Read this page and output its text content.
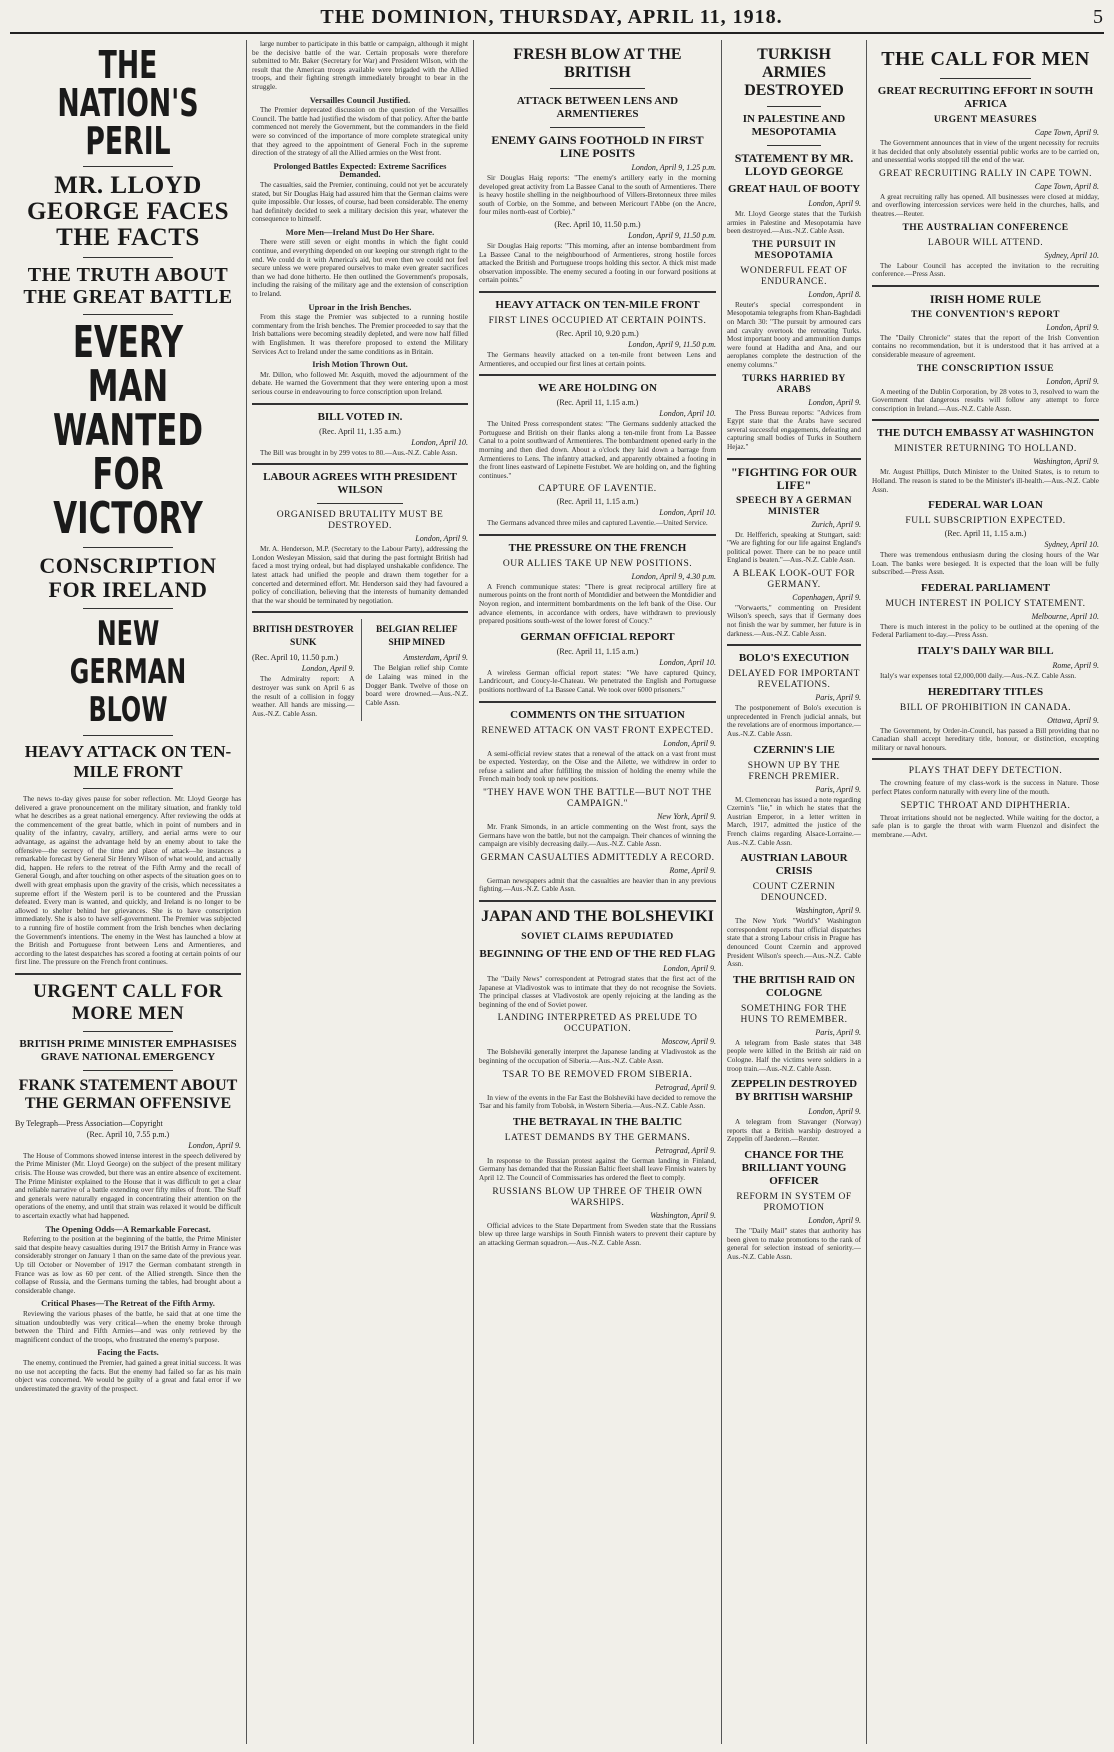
THE DOMINION, THURSDAY, APRIL 11, 1918.	5
THE NATION'S PERIL
MR. LLOYD GEORGE FACES THE FACTS
THE TRUTH ABOUT THE GREAT BATTLE
EVERY MAN WANTED FOR VICTORY
CONSCRIPTION FOR IRELAND
NEW GERMAN BLOW
HEAVY ATTACK ON TEN-MILE FRONT

The news to-day gives pause for sober reflection. Mr. Lloyd George has delivered a grave pronouncement on the military situation, and frankly told what he describes as a great national emergency. After reviewing the odds at the commencement of the great battle, which in point of numbers and in quality of the infantry, cavalry, artillery, and aerial arms were to our advantage, as against the advantage held by an enemy about to take the offensive—the secrecy of the time and place of attack—he instances a remarkable forecast by General Sir Henry Wilson of what would, and actually did, happen. He refers to the retreat of the Fifth Army and the recall of General Gough, and after touching on other aspects of the situation goes on to dwell with great emphasis upon the gravity of the crisis, which necessitates a supreme effort if the Western peril is to be countered and the Prussian defeated. Every man is wanted, and quickly, and Ireland is no longer to be allowed to shelter behind her grievances. She is to have conscription immediately. She is also to have self-government. The Premier was subjected to a running fire of hostile comment from the Irish benches when declaring the Government's intentions. The enemy in the West has launched a blow at the British and Portuguese front between Lens and Armentieres, and according to the latest despatches has scored a footing at certain points of our first line. The pressure on the French front continues.

URGENT CALL FOR MORE MEN
BRITISH PRIME MINISTER EMPHASISES GRAVE NATIONAL EMERGENCY
FRANK STATEMENT ABOUT THE GERMAN OFFENSIVE
By Telegraph—Press Association—Copyright
(Rec. April 10, 7.55 p.m.)
London, April 9.

The House of Commons showed intense interest in the speech delivered by the Prime Minister (Mr. Lloyd George) on the subject of the present military crisis. The House was crowded, but there was an entire absence of excitement. The Prime Minister explained to the House that it was difficult to get a clear and reliable narrative of a battle extending over fifty miles of front. The Staff and generals were naturally engaged in concentrating their attention on the operations of the enemy, and until that strain was relaxed it would be difficult to ascertain exactly what had happened.

The Opening Odds—A Remarkable Forecast.

Referring to the position at the beginning of the battle, the Prime Minister said that despite heavy casualties during 1917 the British Army in France was considerably stronger on January 1 than on the same date of the previous year. Up till October or November of 1917 the German combatant strength in France was as low as 60 per cent. of the Allied strength. Since then the collapse of Russia, and the Germans turning the tables, had brought about a considerable change.

Critical Phases—The Retreat of the Fifth Army.

Reviewing the various phases of the battle, he said that at one time the situation undoubtedly was very critical—when the enemy broke through between the Third and Fifth Armies—and was only retrieved by the magnificent conduct of the troops, who frustrated the enemy's purpose.

Facing the Facts.

The enemy, continued the Premier, had gained a great initial success. It was no use not accepting the facts. But the enemy had failed so far as his main object was concerned. We would be guilty of a great and fatal error if we underestimated the gravity of the prospect.

large number to participate in this battle or campaign, although it might be the decisive battle of the war. Certain proposals were therefore submitted to Mr. Baker (Secretary for War) and President Wilson, with the result that the American troops available were brigaded with the Allied troops, and their fighting strength immediately brought to bear in the struggle.

Versailles Council Justified.

The Premier deprecated discussion on the question of the Versailles Council. The battle had justified the wisdom of that policy. After the battle commenced not merely the Government, but the commanders in the field were so convinced of the importance of more complete strategical unity that they agreed to the appointment of General Foch in the supreme direction of the strategy of all the Allied armies on the West front.

Prolonged Battles Expected: Extreme Sacrifices Demanded.

The casualties, said the Premier, continuing, could not yet be accurately stated, but Sir Douglas Haig had assured him that the German claims were quite impossible. Our losses, of course, had been considerable. The enemy had definitely decided to seek a military decision this year, whatever the consequence to himself.

More Men—Ireland Must Do Her Share.

There were still seven or eight months in which the fight could continue, and everything depended on our keeping our strength right to the end. We could do it with America's aid, but even then we could not feel secure unless we were prepared ourselves to make even greater sacrifices than we had done hitherto. He then outlined the Government's proposals, including the raising of the military age and the extension of conscription to Ireland.

Uproar in the Irish Benches.

From this stage the Premier was subjected to a running hostile commentary from the Irish benches. The Premier proceeded to say that the Irish battalions were becoming steadily depleted, and were now half filled with Englishmen. It was therefore proposed to extend the Military Services Act to Ireland under the same conditions as in Britain.

Irish Motion Thrown Out.

Mr. Dillon, who followed Mr. Asquith, moved the adjournment of the debate. He warned the Government that they were entering upon a most serious course in endeavouring to force conscription upon Ireland.

BILL VOTED IN.
(Rec. April 11, 1.35 a.m.)
London, April 10.

The Bill was brought in by 299 votes to 80.—Aus.-N.Z. Cable Assn.

LABOUR AGREES WITH PRESIDENT WILSON
ORGANISED BRUTALITY MUST BE DESTROYED.
London, April 9.

Mr. A. Henderson, M.P. (Secretary to the Labour Party), addressing the London Wesleyan Mission, said that during the past fortnight British had faced a most trying ordeal, but had displayed unshakable confidence. The latest attack had unified the people and drawn them together for a concerted and determined effort. Mr. Henderson said they had favoured a policy of conciliation, believing that the interests of humanity demanded that the war should be terminated by negotiation.

BRITISH DESTROYER SUNK
(Rec. April 10, 11.50 p.m.)
London, April 9.

The Admiralty report: A destroyer was sunk on April 6 as the result of a collision in foggy weather. All hands are missing.—Aus.-N.Z. Cable Assn.

BELGIAN RELIEF SHIP MINED
Amsterdam, April 9.

The Belgian relief ship Comte de Lalaing was mined in the Dogger Bank. Twelve of those on board were drowned.—Aus.-N.Z. Cable Assn.

FRESH BLOW AT THE BRITISH
ATTACK BETWEEN LENS AND ARMENTIERES
ENEMY GAINS FOOTHOLD IN FIRST LINE POSITS
London, April 9, 1.25 p.m.

Sir Douglas Haig reports: "The enemy's artillery early in the morning developed great activity from La Bassee Canal to the south of Armentieres. There is heavy hostile shelling in the neighbourhood of Villers-Bretonneux three miles south of Corbie, on the Somme, and between Mericourt l'Abbe (on the Ancre, four miles north-east of Corbie)."

(Rec. April 10, 11.50 p.m.)
London, April 9, 11.50 p.m.

Sir Douglas Haig reports: "This morning, after an intense bombardment from La Bassee Canal to the neighbourhood of Armentieres, strong hostile forces attacked the British and Portuguese troops holding this sector. A thick mist made observation impossible. The enemy secured a footing in our forward positions at certain points."

HEAVY ATTACK ON TEN-MILE FRONT
FIRST LINES OCCUPIED AT CERTAIN POINTS.
(Rec. April 10, 9.20 p.m.)
London, April 9, 11.50 p.m.

The Germans heavily attacked on a ten-mile front between Lens and Armentieres, and occupied our first lines at certain points.

WE ARE HOLDING ON
(Rec. April 11, 1.15 a.m.)
London, April 10.

The United Press correspondent states: "The Germans suddenly attacked the Portuguese and British on their flanks along a ten-mile front from La Bassee Canal to a point southward of Armentieres. The bombardment opened early in the morning and then died down. About a o'clock they laid down a barrage from Armentieres to Lens. The infantry attacked, and apparently obtained a footing in the front lines eastward of Lepinette Festubet. We are holding on, and the fighting continues."

CAPTURE OF LAVENTIE.
(Rec. April 11, 1.15 a.m.)
London, April 10.

The Germans advanced three miles and captured Laventie.—United Service.

THE PRESSURE ON THE FRENCH
OUR ALLIES TAKE UP NEW POSITIONS.
London, April 9, 4.30 p.m.

A French communique states: "There is great reciprocal artillery fire at numerous points on the front north of Montdidier and between the Montdidier and Noyon region, and intermittent bombardments on the left bank of the Oise. Our advance elements, in accordance with orders, have withdrawn to previously prepared positions south-west of the lower forest of Coucy."

GERMAN OFFICIAL REPORT
(Rec. April 11, 1.15 a.m.)
London, April 10.

A wireless German official report states: "We have captured Quincy, Landricourt, and Coucy-le-Chateau. We penetrated the English and Portuguese positions northward of La Bassee Canal. We took over 6000 prisoners."

COMMENTS ON THE SITUATION
RENEWED ATTACK ON VAST FRONT EXPECTED.
London, April 9.

A semi-official review states that a renewal of the attack on a vast front must be expected. Yesterday, on the Oise and the Ailette, we withdrew in order to refuse a salient and after fulfilling the mission of holding the enemy while the French main body took up new positions.

"THEY HAVE WON THE BATTLE—BUT NOT THE CAMPAIGN."
New York, April 9.

Mr. Frank Simonds, in an article commenting on the West front, says the Germans have won the battle, but not the campaign. Their chances of winning the campaign are visibly decreasing daily.—Aus.-N.Z. Cable Assn.

GERMAN CASUALTIES ADMITTEDLY A RECORD.
Rome, April 9.

German newspapers admit that the casualties are heavier than in any previous fighting.—Aus.-N.Z. Cable Assn.

JAPAN AND THE BOLSHEVIKI
SOVIET CLAIMS REPUDIATED
BEGINNING OF THE END OF THE RED FLAG
London, April 9.

The "Daily News" correspondent at Petrograd states that the first act of the Japanese at Vladivostok was to intimate that they do not recognise the Soviets. The principal classes at Vladivostok are openly rejoicing at the landing as the beginning of the end of Soviet power.

LANDING INTERPRETED AS PRELUDE TO OCCUPATION.
Moscow, April 9.

The Bolsheviki generally interpret the Japanese landing at Vladivostok as the beginning of the occupation of Siberia.—Aus.-N.Z. Cable Assn.

TSAR TO BE REMOVED FROM SIBERIA.
Petrograd, April 9.

In view of the events in the Far East the Bolsheviki have decided to remove the Tsar and his family from Tobolsk, in Western Siberia.—Aus.-N.Z. Cable Assn.

THE BETRAYAL IN THE BALTIC
LATEST DEMANDS BY THE GERMANS.
Petrograd, April 9.

In response to the Russian protest against the German landing in Finland, Germany has demanded that the Russian Baltic fleet shall leave Finnish waters by April 12. The Council of Commissaries has ordered the fleet to comply.

RUSSIANS BLOW UP THREE OF THEIR OWN WARSHIPS.
Washington, April 9.

Official advices to the State Department from Sweden state that the Russians blew up three large warships in South Finnish waters to prevent their capture by an attacking German squadron.—Aus.-N.Z. Cable Assn.

TURKISH ARMIES DESTROYED
IN PALESTINE AND MESOPOTAMIA
STATEMENT BY MR. LLOYD GEORGE
GREAT HAUL OF BOOTY
London, April 9.

Mr. Lloyd George states that the Turkish armies in Palestine and Mesopotamia have been destroyed.—Aus.-N.Z. Cable Assn.

THE PURSUIT IN MESOPOTAMIA
WONDERFUL FEAT OF ENDURANCE.
London, April 8.

Reuter's special correspondent in Mesopotamia telegraphs from Khan-Baghdadi on March 30: "The pursuit by armoured cars and cavalry overtook the retreating Turks. Most important booty and ammunition dumps were found at Haditha and Ana, and our aeroplanes complete the destruction of the enemy columns."

TURKS HARRIED BY ARABS
London, April 9.

The Press Bureau reports: "Advices from Egypt state that the Arabs have secured several successful engagements, defeating and capturing small bodies of Turks in Southern Hejaz."

"FIGHTING FOR OUR LIFE"
SPEECH BY A GERMAN MINISTER
Zurich, April 9.

Dr. Helfferich, speaking at Stuttgart, said: "We are fighting for our life against England's political power. There can be no peace until England is beaten."—Aus.-N.Z. Cable Assn.

A BLEAK LOOK-OUT FOR GERMANY.
Copenhagen, April 9.

"Vorwaerts," commenting on President Wilson's speech, says that if Germany does not finish the war by summer, her future is in darkness.—Aus.-N.Z. Cable Assn.

BOLO'S EXECUTION
DELAYED FOR IMPORTANT REVELATIONS.
Paris, April 9.

The postponement of Bolo's execution is unprecedented in French judicial annals, but the revelations are of enormous importance.—Aus.-N.Z. Cable Assn.

CZERNIN'S LIE
SHOWN UP BY THE FRENCH PREMIER.
Paris, April 9.

M. Clemenceau has issued a note regarding Czernin's "lie," in which he states that the Austrian Emperor, in a letter written in March, 1917, admitted the justice of the French claims regarding Alsace-Lorraine.—Aus.-N.Z. Cable Assn.

AUSTRIAN LABOUR CRISIS
COUNT CZERNIN DENOUNCED.
Washington, April 9.

The New York "World's" Washington correspondent reports that official dispatches state that a strong Labour crisis in Prague has denounced Count Czernin and approved President Wilson's speech.—Aus.-N.Z. Cable Assn.

THE BRITISH RAID ON COLOGNE
SOMETHING FOR THE HUNS TO REMEMBER.
Paris, April 9.

A telegram from Basle states that 348 people were killed in the British air raid on Cologne. Half the victims were soldiers in a troop train.—Aus.-N.Z. Cable Assn.

ZEPPELIN DESTROYED BY BRITISH WARSHIP
London, April 9.

A telegram from Stavanger (Norway) reports that a British warship destroyed a Zeppelin off Jaederen.—Reuter.

CHANCE FOR THE BRILLIANT YOUNG OFFICER
REFORM IN SYSTEM OF PROMOTION
London, April 9.

The "Daily Mail" states that authority has been given to make promotions to the rank of general for selection instead of seniority.—Aus.-N.Z. Cable Assn.

THE CALL FOR MEN
GREAT RECRUITING EFFORT IN SOUTH AFRICA
URGENT MEASURES
Cape Town, April 9.

The Government announces that in view of the urgent necessity for recruits it has decided that only absolutely essential public works are to be carried on, and unessential works stopped till the end of the war.

GREAT RECRUITING RALLY IN CAPE TOWN.
Cape Town, April 8.

A great recruiting rally has opened. All businesses were closed at midday, and overflowing intercession services were held in the churches, halls, and theatres.—Reuter.

THE AUSTRALIAN CONFERENCE
LABOUR WILL ATTEND.
Sydney, April 10.

The Labour Council has accepted the invitation to the recruiting conference.—Press Assn.

IRISH HOME RULE
THE CONVENTION'S REPORT
London, April 9.

The "Daily Chronicle" states that the report of the Irish Convention contains no recommendation, but it is understood that it has arrived at a considerable measure of agreement.

THE CONSCRIPTION ISSUE
London, April 9.

A meeting of the Dublin Corporation, by 28 votes to 3, resolved to warn the Government that dangerous results will follow any attempt to force conscription in Ireland.—Aus.-N.Z. Cable Assn.

THE DUTCH EMBASSY AT WASHINGTON
MINISTER RETURNING TO HOLLAND.
Washington, April 9.

Mr. August Phillips, Dutch Minister to the United States, is to return to Holland. The reason is stated to be the Minister's ill-health.—Aus.-N.Z. Cable Assn.

FEDERAL WAR LOAN
FULL SUBSCRIPTION EXPECTED.
(Rec. April 11, 1.15 a.m.)
Sydney, April 10.

There was tremendous enthusiasm during the closing hours of the War Loan. The banks were besieged. It is expected that the loan will be fully subscribed.—Press Assn.

FEDERAL PARLIAMENT
MUCH INTEREST IN POLICY STATEMENT.
Melbourne, April 10.

There is much interest in the policy to be outlined at the opening of the Federal Parliament to-day.—Press Assn.

ITALY'S DAILY WAR BILL
Rome, April 9.

Italy's war expenses total £2,000,000 daily.—Aus.-N.Z. Cable Assn.

HEREDITARY TITLES
BILL OF PROHIBITION IN CANADA.
Ottawa, April 9.

The Government, by Order-in-Council, has passed a Bill providing that no Canadian shall accept hereditary title, honour, or distinction, excepting military or naval honours.

PLAYS THAT DEFY DETECTION.

The crowning feature of my class-work is the success in Nature. Those perfect Plates conform naturally with every line of the mouth.

SEPTIC THROAT AND DIPHTHERIA.

Throat irritations should not be neglected. While waiting for the doctor, a safe plan is to gargle the throat with warm Fluenzol and disinfect the membrane.—Advt.
